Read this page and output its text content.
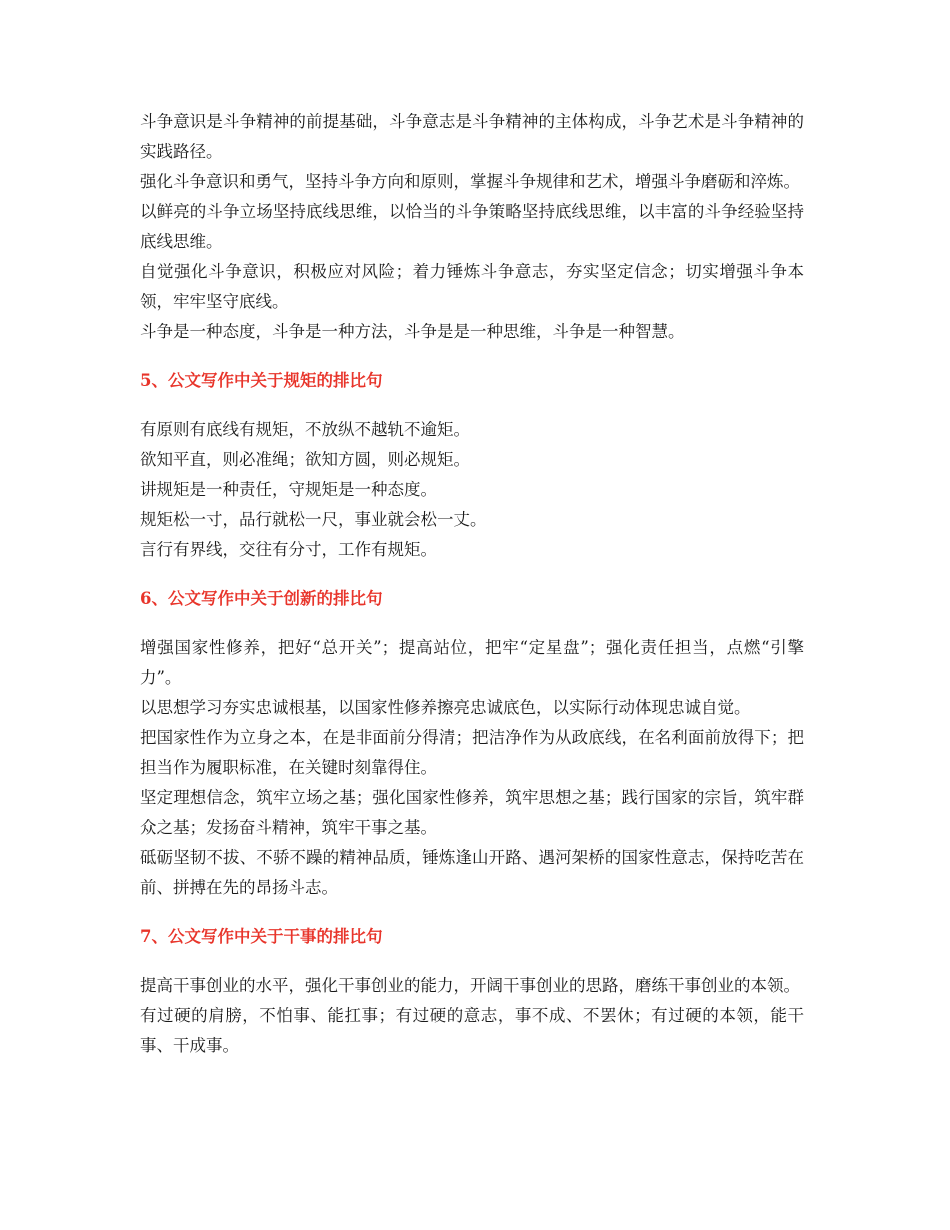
斗争意识是斗争精神的前提基础，斗争意志是斗争精神的主体构成，斗争艺术是斗争精神的实践路径。

强化斗争意识和勇气，坚持斗争方向和原则，掌握斗争规律和艺术，增强斗争磨砺和淬炼。

以鲜亮的斗争立场坚持底线思维，以恰当的斗争策略坚持底线思维，以丰富的斗争经验坚持底线思维。

自觉强化斗争意识，积极应对风险；着力锤炼斗争意志，夯实坚定信念；切实增强斗争本领，牢牢坚守底线。

斗争是一种态度，斗争是一种方法，斗争是是一种思维，斗争是一种智慧。

5、公文写作中关于规矩的排比句

有原则有底线有规矩，不放纵不越轨不逾矩。

欲知平直，则必准绳；欲知方圆，则必规矩。

讲规矩是一种责任，守规矩是一种态度。

规矩松一寸，品行就松一尺，事业就会松一丈。

言行有界线，交往有分寸，工作有规矩。

6、公文写作中关于创新的排比句

增强国家性修养，把好“总开关”；提高站位，把牢“定星盘”；强化责任担当，点燃“引擎力”。

以思想学习夯实忠诚根基，以国家性修养擦亮忠诚底色，以实际行动体现忠诚自觉。

把国家性作为立身之本，在是非面前分得清；把洁净作为从政底线，在名利面前放得下；把担当作为履职标准，在关键时刻靠得住。

坚定理想信念，筑牢立场之基；强化国家性修养，筑牢思想之基；践行国家的宗旨，筑牢群众之基；发扬奋斗精神，筑牢干事之基。

砥砺坚韧不拔、不骄不躁的精神品质，锤炼逢山开路、遇河架桥的国家性意志，保持吃苦在前、拼搏在先的昂扬斗志。

7、公文写作中关于干事的排比句

提高干事创业的水平，强化干事创业的能力，开阔干事创业的思路，磨练干事创业的本领。

有过硬的肩膀，不怕事、能扛事；有过硬的意志，事不成、不罢休；有过硬的本领，能干事、干成事。
